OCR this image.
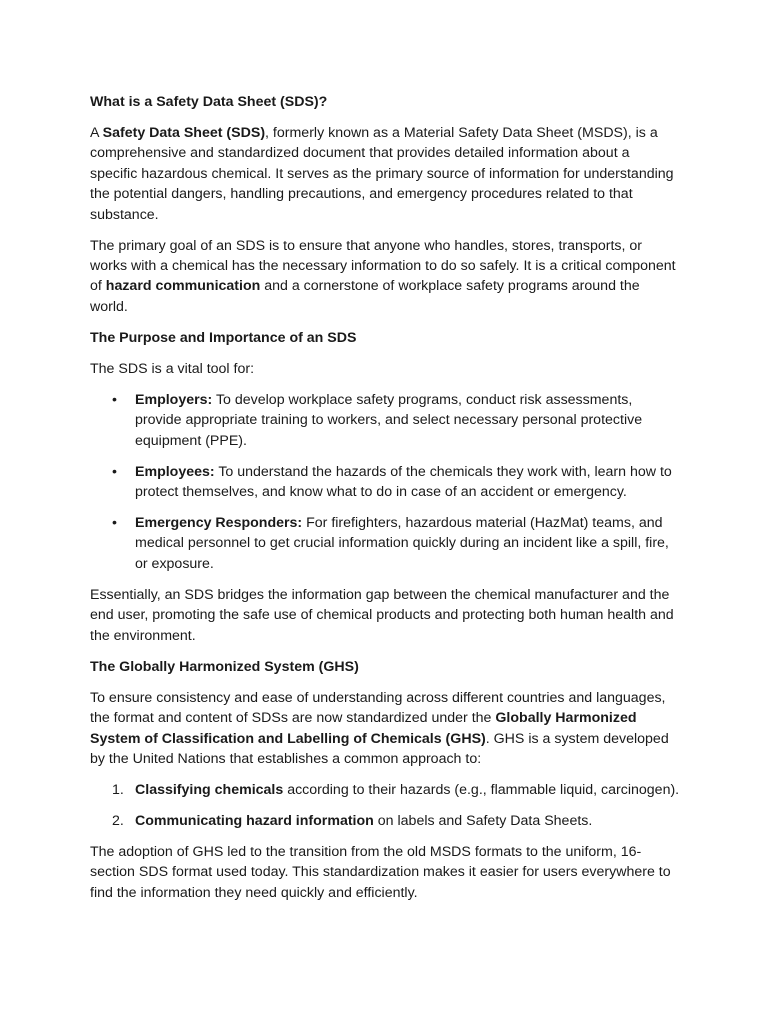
What is a Safety Data Sheet (SDS)?

A Safety Data Sheet (SDS), formerly known as a Material Safety Data Sheet (MSDS), is a comprehensive and standardized document that provides detailed information about a specific hazardous chemical. It serves as the primary source of information for understanding the potential dangers, handling precautions, and emergency procedures related to that substance.

The primary goal of an SDS is to ensure that anyone who handles, stores, transports, or works with a chemical has the necessary information to do so safely. It is a critical component of hazard communication and a cornerstone of workplace safety programs around the world.

The Purpose and Importance of an SDS

The SDS is a vital tool for:

• Employers: To develop workplace safety programs, conduct risk assessments, provide appropriate training to workers, and select necessary personal protective equipment (PPE).
• Employees: To understand the hazards of the chemicals they work with, learn how to protect themselves, and know what to do in case of an accident or emergency.
• Emergency Responders: For firefighters, hazardous material (HazMat) teams, and medical personnel to get crucial information quickly during an incident like a spill, fire, or exposure.

Essentially, an SDS bridges the information gap between the chemical manufacturer and the end user, promoting the safe use of chemical products and protecting both human health and the environment.

The Globally Harmonized System (GHS)

To ensure consistency and ease of understanding across different countries and languages, the format and content of SDSs are now standardized under the Globally Harmonized System of Classification and Labelling of Chemicals (GHS). GHS is a system developed by the United Nations that establishes a common approach to:

1. Classifying chemicals according to their hazards (e.g., flammable liquid, carcinogen).
2. Communicating hazard information on labels and Safety Data Sheets.

The adoption of GHS led to the transition from the old MSDS formats to the uniform, 16-section SDS format used today. This standardization makes it easier for users everywhere to find the information they need quickly and efficiently.
